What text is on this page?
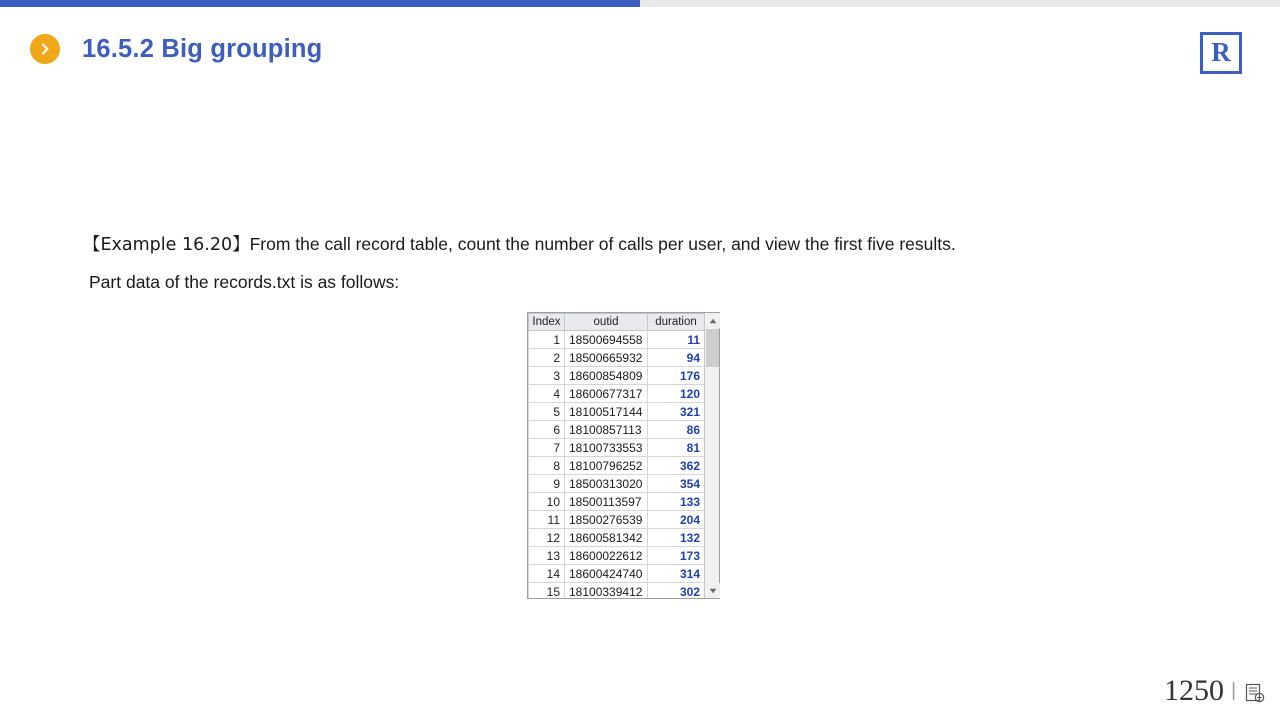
16.5.2 Big grouping	R
【Example 16.20】From the call record table, count the number of calls per user, and view the first five results.
Part data of the records.txt is as follows:
Index	outid	duration
1	18500694558	11
2	18500665932	94
3	18600854809	176
4	18600677317	120
5	18100517144	321
6	18100857113	86
7	18100733553	81
8	18100796252	362
9	18500313020	354
10	18500113597	133
11	18500276539	204
12	18600581342	132
13	18600022612	173
14	18600424740	314
15	18100339412	302
1250 |
